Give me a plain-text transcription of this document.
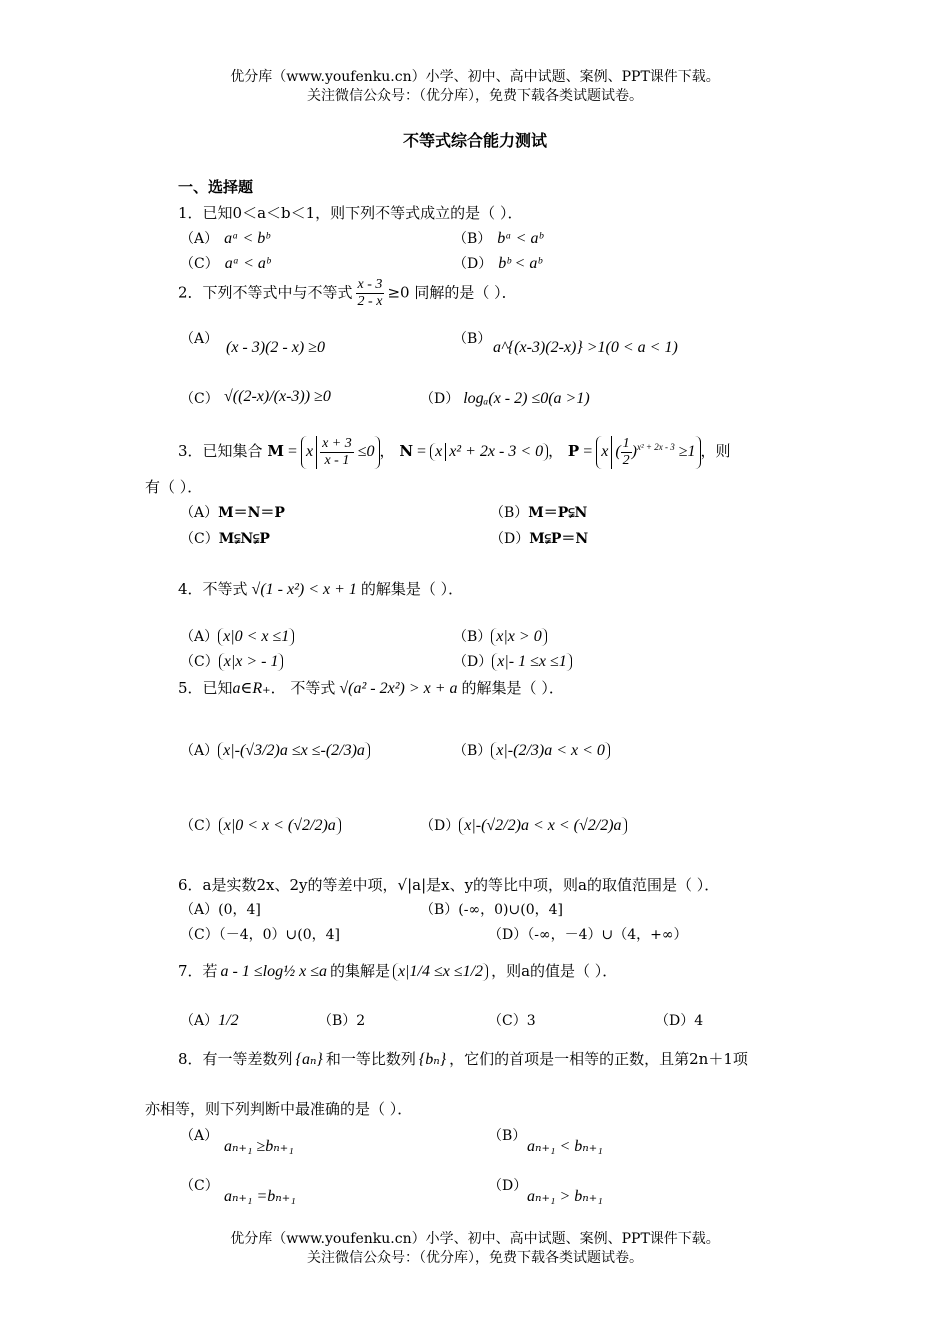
优分库（www.youfenku.cn）小学、初中、高中试题、案例、PPT课件下载。
关注微信公众号：（优分库），免费下载各类试题试卷。
不等式综合能力测试
一、选择题
1．已知0＜a＜b＜1，则下列不等式成立的是（ ）．
（A） aᵃ < bᵇ	（B） bᵃ < aᵇ
（C） aᵃ < aᵇ	（D） bᵇ < aᵇ
2．下列不等式中与不等式 $\frac{x - 3}{2 - x} \ge 0$ 同解的是（ ）．
（A） (x - 3)(2 - x) ≥0	（B） a^{(x-3)(2-x)} >1(0 < a < 1)
（C） √((2-x)/(x-3)) ≥0	（D） logₐ(x - 2) ≤0(a >1)
3．已知集合 M = x $\frac{x + 3}{x - 1} \le 0$ ， N = x x² + 2x - 3 < 0 ， P = x ( $\frac{1}{2} )^{x^2 + 2x - 3} \ge 1$ ，则
有（ ）．
（A）M＝N＝P	（B）M＝P⫋N
（C）M⫋N⫋P	（D）M⫋P＝N
4．不等式 √(1 - x²) < x + 1 的解集是（ ）．
（A） x|0 < x ≤1	（B） x|x > 0
（C） x|x > - 1	（D） x|- 1 ≤x ≤1
5．已知a∈R₊． 不等式 √(a² - 2x²) > x + a 的解集是（ ）．
（A） x|-(√3/2)a ≤x ≤-(2/3)a	（B） x|-(2/3)a < x < 0
（C） x|0 < x < (√2/2)a	（D） x|-(√2/2)a < x < (√2/2)a
6．a是实数2x、2y的等差中项，√|a|是x、y的等比中项，则a的取值范围是（ ）．
（A）(0，4]	（B）(-∞，0)∪(0，4]
（C）（－4，0）∪(0，4]	（D）（-∞，－4）∪（4，+∞）
7．若 a - 1 ≤log½ x ≤a 的集解是 x|1/4 ≤x ≤1/2 ，则a的值是（ ）．
（A）1/2	（B）2	（C）3	（D）4
8．有一等差数列 {aₙ} 和一等比数列 {bₙ} ，它们的首项是一相等的正数，且第2n＋1项
亦相等，则下列判断中最准确的是（ ）．
（A）
aₙ₊₁ ≥bₙ₊₁
（B）
aₙ₊₁ < bₙ₊₁
（C）
aₙ₊₁ =bₙ₊₁
（D）
aₙ₊₁ > bₙ₊₁
优分库（www.youfenku.cn）小学、初中、高中试题、案例、PPT课件下载。
关注微信公众号：（优分库），免费下载各类试题试卷。
